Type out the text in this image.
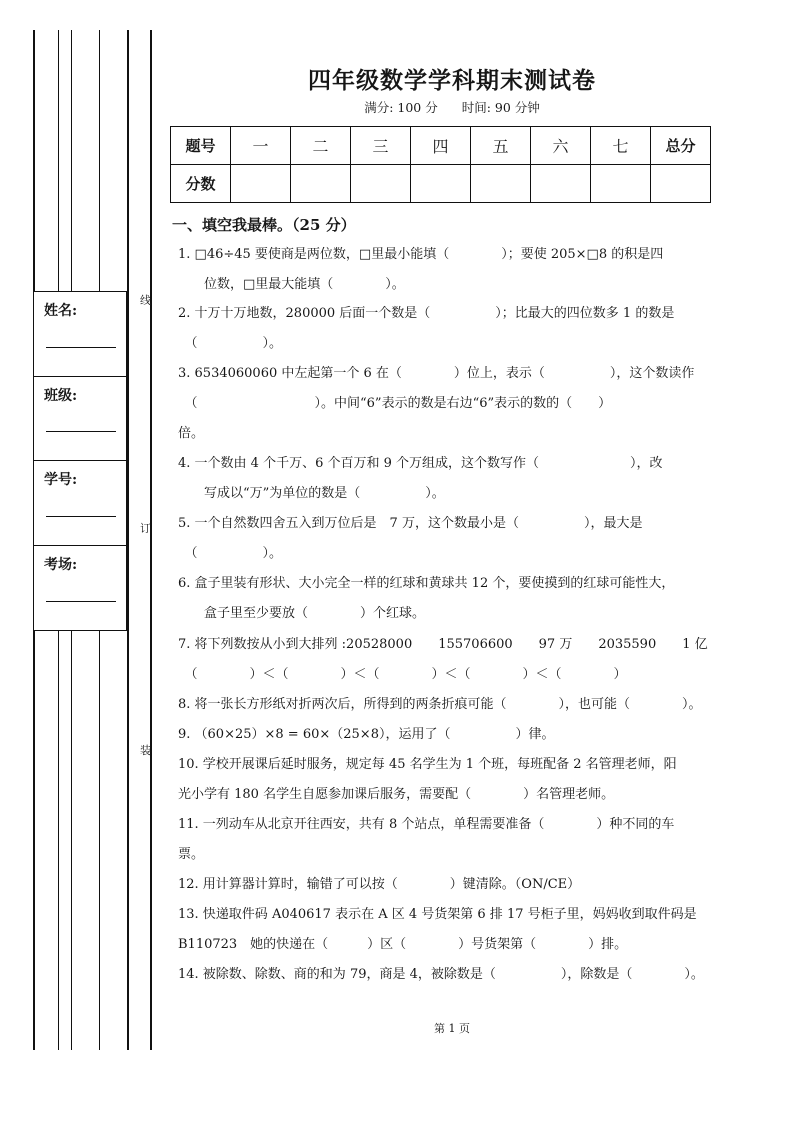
姓名:
班级:
学号:
考场:
线
订
装
四年级数学学科期末测试卷
满分: 100 分 时间: 90 分钟
题号	一	二	三	四	五	六	七	总分
分数								
一、填空我最棒。（25 分）
1. □46÷45 要使商是两位数，□里最小能填（　　　　）；要使 205×□8 的积是四
　　位数，□里最大能填（　　　　）。
2. 十万十万地数，280000 后面一个数是（　　　　　）；比最大的四位数多 1 的数是
　（　　　　　）。
3. 6534060060 中左起第一个 6 在（　　　　）位上，表示（　　　　　），这个数读作
　（　　　　　　　　　）。中间“6”表示的数是右边“6”表示的数的（　　）
倍。
4. 一个数由 4 个千万、6 个百万和 9 个万组成，这个数写作（　　　　　　　），改
　　写成以“万”为单位的数是（　　　　　）。
5. 一个自然数四舍五入到万位后是　7 万，这个数最小是（　　　　　），最大是
　（　　　　　）。
6. 盒子里装有形状、大小完全一样的红球和黄球共 12 个，要使摸到的红球可能性大，
　　盒子里至少要放（　　　　）个红球。
7. 将下列数按从小到大排列 :20528000　　155706600　　97 万　　2035590　　1 亿
　（　　　　）＜（　　　　）＜（　　　　）＜（　　　　）＜（　　　　）
8. 将一张长方形纸对折两次后，所得到的两条折痕可能（　　　　），也可能（　　　　）。
9. （60×25）×8 = 60×（25×8），运用了（　　　　　）律。
10. 学校开展课后延时服务，规定每 45 名学生为 1 个班，每班配备 2 名管理老师，阳
光小学有 180 名学生自愿参加课后服务，需要配（　　　　）名管理老师。
11. 一列动车从北京开往西安，共有 8 个站点，单程需要准备（　　　　）种不同的车
票。
12. 用计算器计算时，输错了可以按（　　　　）键清除。（ON/CE）
13. 快递取件码 A040617 表示在 A 区 4 号货架第 6 排 17 号柜子里，妈妈收到取件码是
B110723　她的快递在（　　　）区（　　　　）号货架第（　　　　）排。
14. 被除数、除数、商的和为 79，商是 4，被除数是（　　　　　），除数是（　　　　）。
第 1 页
